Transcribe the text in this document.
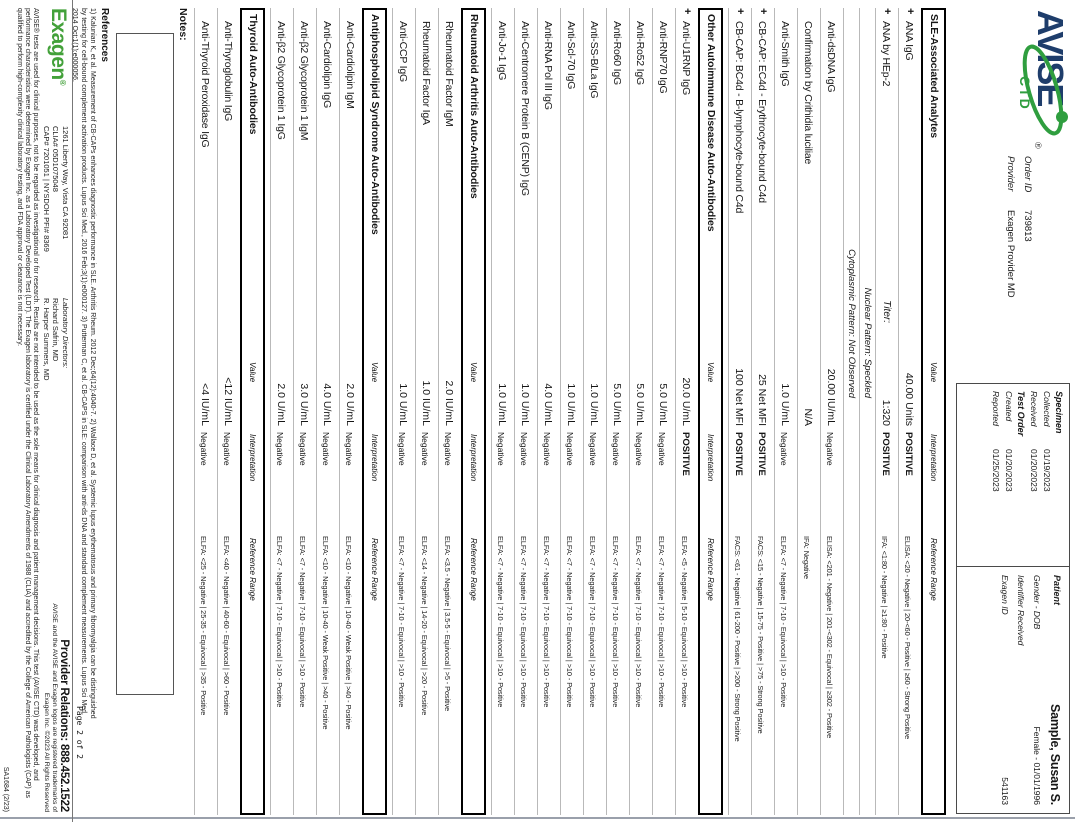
AVISE
CTD
®
Order ID
739813
Provider
Exagen Provider MD
Specimen
Collected
01/19/2023
Received
01/20/2023
Test Order
Created
01/20/2023
Reported
01/25/2023
Patient
Sample, Susan S.
Gender - DOB
Female - 01/01/1996
Identifier Received
Exagen ID
541163
SLE-Associated Analytes
Value
Interpretation
Reference Range
+
ANA IgG
40.00 Units
POSITIVE
ELISA: <20 - Negative | 20-<60 - Positive | ≥60 - Strong Positive
+
ANA by HEp-2
Titer:
1:320
POSITIVE
IFA: <1:80 - Negative | ≥1:80 - Positive
Nuclear Pattern: Speckled
Cytoplasmic Pattern: Not Observed
Anti-dsDNA IgG
20.00 IU/mL
Negative
ELISA: <201 - Negative | 201-<302 - Equivocal | ≥302 - Positive
Confirmation by Crithidia luciliae
N/A
IFA: Negative
Anti-Smith IgG
1.0 U/mL
Negative
ELFA: <7 - Negative | 7-10 - Equivocal | >10 - Positive
+
CB-CAP: EC4d - Erythrocyte-bound C4d
25 Net MFI
POSITIVE
FACS: <15 - Negative | 15-75 - Positive | >75 - Strong Positive
+
CB-CAP: BC4d - B-lymphocyte-bound C4d
100 Net MFI
POSITIVE
FACS: <61 - Negative | 61-200 - Positive | >200 - Strong Positive
Other Autoimmune Disease Auto-Antibodies
Value
Interpretation
Reference Range
+
Anti-U1RNP IgG
20.0 U/mL
POSITIVE
ELFA: <5 - Negative | 5-10 - Equivocal | >10 - Positive
Anti-RNP70 IgG
5.0 U/mL
Negative
ELFA: <7 - Negative | 7-10 - Equivocal | >10 - Positive
Anti-Ro52 IgG
5.0 U/mL
Negative
ELFA: <7 - Negative | 7-10 - Equivocal | >10 - Positive
Anti-Ro60 IgG
5.0 U/mL
Negative
ELFA: <7 - Negative | 7-10 - Equivocal | >10 - Positive
Anti-SS-B/La IgG
1.0 U/mL
Negative
ELFA: <7 - Negative | 7-10 - Equivocal | >10 - Positive
Anti-Scl-70 IgG
1.0 U/mL
Negative
ELFA: <7 - Negative | 7-10 - Equivocal | >10 - Positive
Anti-RNA Pol III IgG
4.0 U/mL
Negative
ELFA: <7 - Negative | 7-10 - Equivocal | >10 - Positive
Anti-Centromere Protein B (CENP) IgG
1.0 U/mL
Negative
ELFA: <7 - Negative | 7-10 - Equivocal | >10 - Positive
Anti-Jo-1 IgG
1.0 U/mL
Negative
ELFA: <7 - Negative | 7-10 - Equivocal | >10 - Positive
Rheumatoid Arthritis Auto-Antibodies
Value
Interpretation
Reference Range
Rheumatoid Factor IgM
2.0 IU/mL
Negative
ELFA: <3.5 - Negative | 3.5-5 - Equivocal | >5 - Positive
Rheumatoid Factor IgA
1.0 IU/mL
Negative
ELFA: <14 - Negative | 14-20 - Equivocal | >20 - Positive
Anti-CCP IgG
1.0 U/mL
Negative
ELFA: <7 - Negative | 7-10 - Equivocal | >10 - Positive
Antiphospholipid Syndrome Auto-Antibodies
Value
Interpretation
Reference Range
Anti-Cardiolipin IgM
2.0 U/mL
Negative
ELFA: <10 - Negative | 10-40 - Weak Positive | >40 - Positive
Anti-Cardiolipin IgG
4.0 U/mL
Negative
ELFA: <10 - Negative | 10-40 - Weak Positive | >40 - Positive
Anti-β2 Glycoprotein 1 IgM
3.0 U/mL
Negative
ELFA: <7 - Negative | 7-10 - Equivocal | >10 - Positive
Anti-β2 Glycoprotein 1 IgG
2.0 U/mL
Negative
ELFA: <7 - Negative | 7-10 - Equivocal | >10 - Positive
Thyroid Auto-Antibodies
Value
Interpretation
Reference Range
Anti-Thyroglobulin IgG
<12 IU/mL
Negative
ELFA: <40 - Negative | 40-60 - Equivocal | >60 - Positive
Anti-Thyroid Peroxidase IgG
<4 IU/mL
Negative
ELFA: <25 - Negative | 25-35 - Equivocal | >35 - Positive
Notes:
References
1) Kalunian K, et al. Measurement of CB-CAPs enhances diagnostic performance in SLE. Arthritis Rheum. 2012 Dec;64(12):4040-7. 2) Wallace D, et al. Systemic lupus erythematosus and primary fibromyalgia can be distinguished by testing for cell-bound complement activation products. Lupus Sci Med., 2016 Feb;3(1):e000127. 3) Putterman C, et al. CB-CAPS in SLE: comparison with anti-ds DNA and standard complement measurements. Lupus Sci Med. 2014 Oct;1(1):e000056.
Page 2 of 2
Exagen®
1261 Liberty Way, Vista CA 92081
CLIA# 05D1075048
CAP# 7201051 | NYSDOH PFI# 8369
Laboratory Directors:
Richard Safrin, MD
R. Harper Summers, MD
Provider Relations: 888.452.1522
AVISE and the AVISE and Exagen logos are registered trademarks of
Exagen Inc. ©2023 All Rights Reserved
AVISE® tests are used for clinical purposes, not to be regarded as investigational or for research. Results are not intended to be used as the sole means for clinical diagnosis and patient management decisions. This test (AVISE CTD) was developed, and performance characteristics were determined by Exagen Inc. as a Laboratory Developed Test (LDT). The Exagen laboratory is certified under the Clinical Laboratory Amendments of 1988 (CLIA) and accredited by the College of American Pathologists (CAP) as qualified to perform high-complexity clinical laboratory testing, and FDA approval or clearance is not necessary.
SA1684 (2/23)
